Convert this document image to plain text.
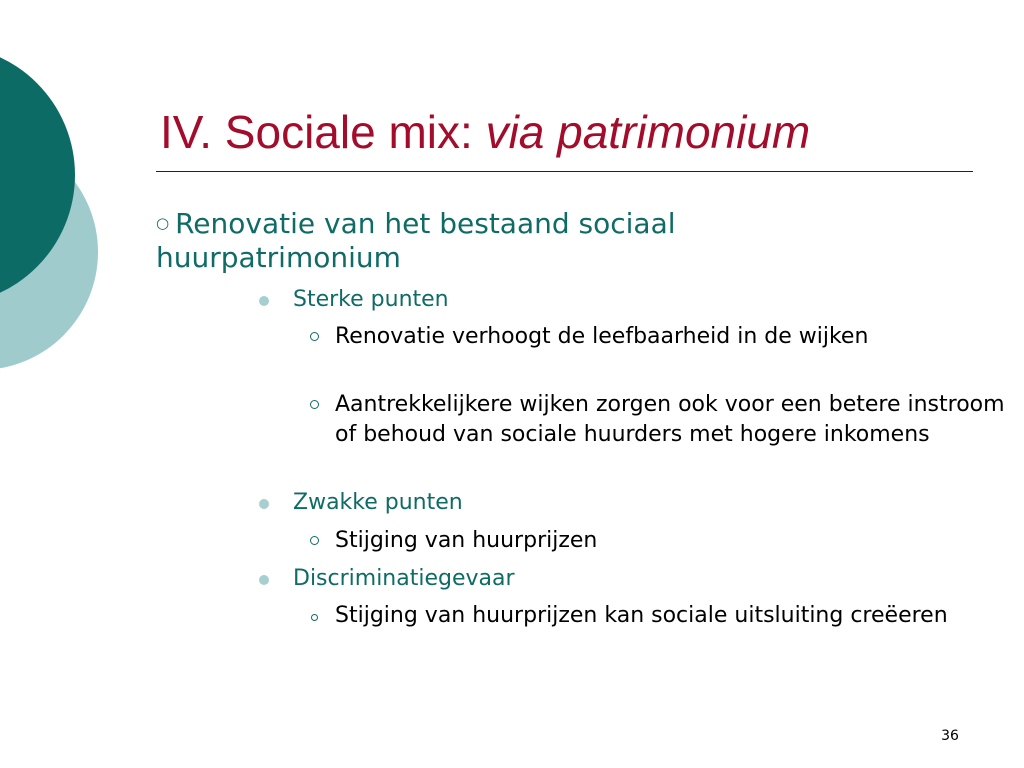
IV. Sociale mix: via patrimonium
○ Renovatie van het bestaand sociaal huurpatrimonium
Sterke punten
Renovatie verhoogt de leefbaarheid in de wijken
Aantrekkelijkere wijken zorgen ook voor een betere instroom of behoud van sociale huurders met hogere inkomens
Zwakke punten
Stijging van huurprijzen
Discriminatiegevaar
Stijging van huurprijzen kan sociale uitsluiting creëeren
36
